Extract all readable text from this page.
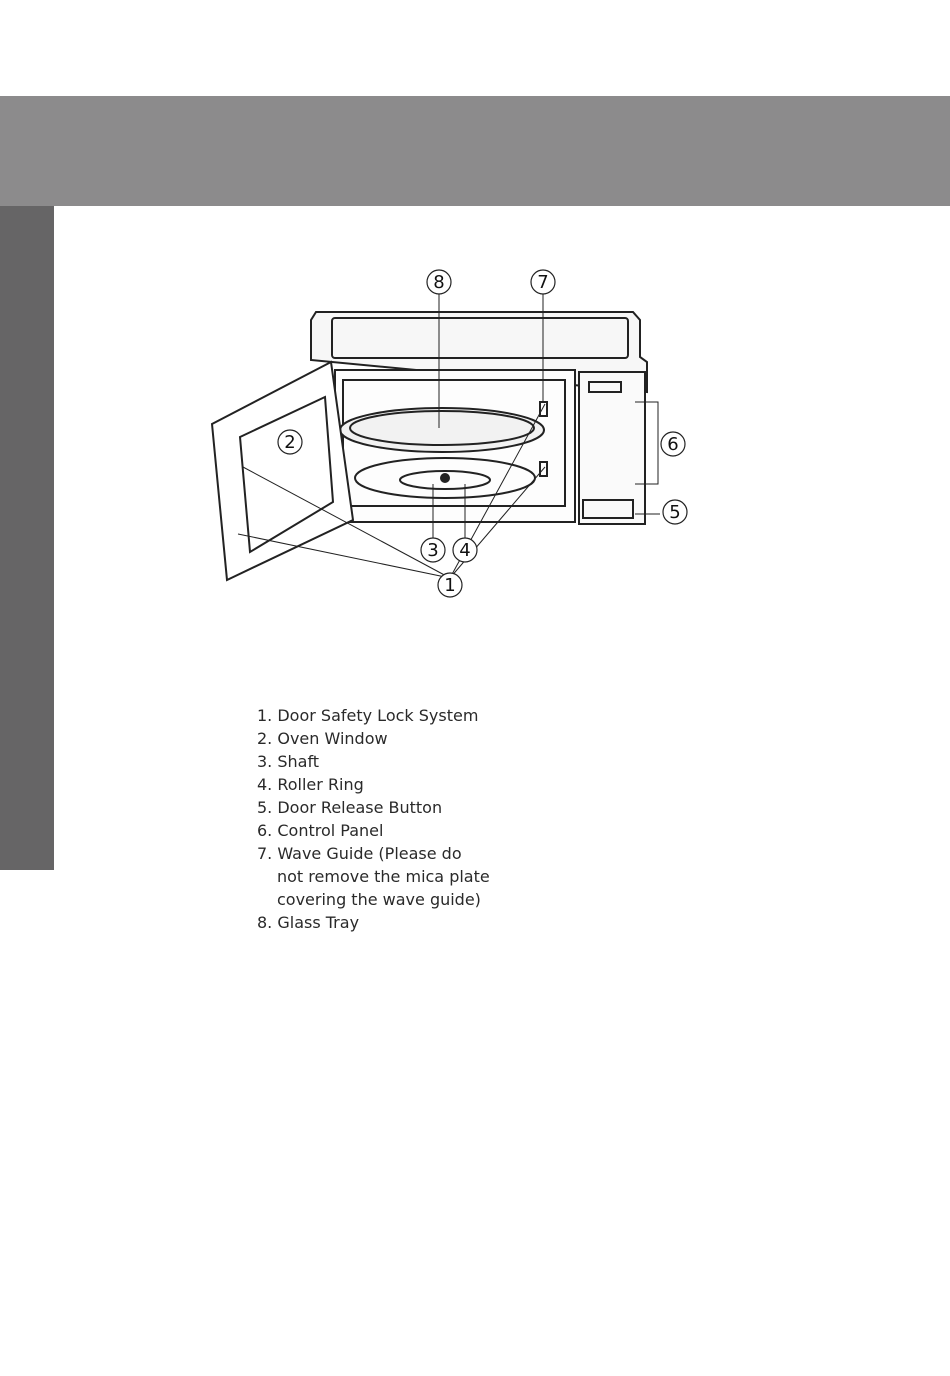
Part Names
1
2
3 4
5
6
7
8
1. Door Safety Lock System
2. Oven Window
3. Shaft
4. Roller Ring
5. Door Release Button
6. Control Panel
7. Wave Guide (Please do
not remove the mica plate
covering the wave guide)
8. Glass Tray
